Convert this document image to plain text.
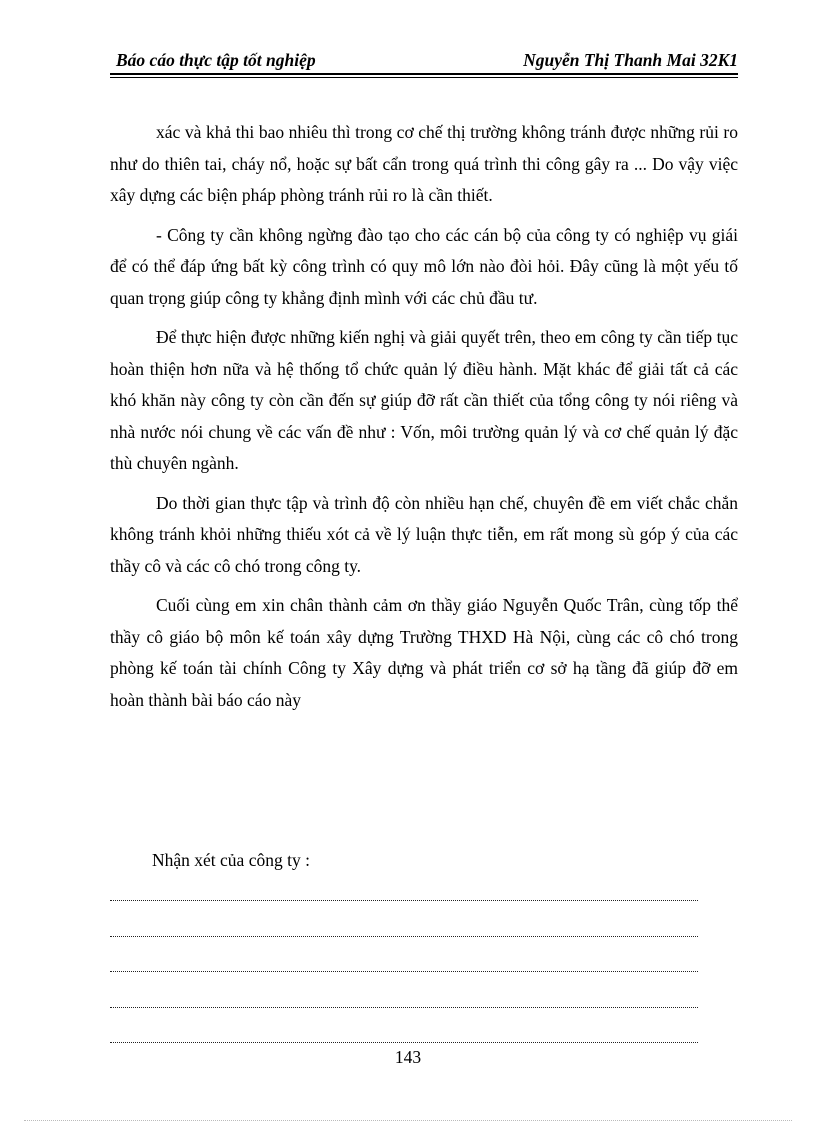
Báo cáo thực tập tốt nghiệp	Nguyễn Thị Thanh Mai 32K1

xác và khả thi bao nhiêu thì trong cơ chế thị trường không tránh được những rủi ro như do thiên tai, cháy nổ, hoặc sự bất cẩn trong quá trình thi công gây ra ... Do vậy việc xây dựng các biện pháp phòng tránh rủi ro là cần thiết.

- Công ty cần không ngừng đào tạo cho các cán bộ của công ty có nghiệp vụ giái để có thể đáp ứng bất kỳ công trình có quy mô lớn nào đòi hỏi. Đây cũng là một yếu tố quan trọng giúp công ty khẳng định mình với các chủ đầu tư.

Để thực hiện được những kiến nghị và giải quyết trên, theo em công ty cần tiếp tục hoàn thiện hơn nữa và hệ thống tổ chức quản lý điều hành. Mặt khác để giải tất cả các khó khăn này công ty còn cần đến sự giúp đỡ rất cần thiết của tổng công ty nói riêng và nhà nước nói chung về các vấn đề như : Vốn, môi trường quản lý và cơ chế quản lý đặc thù chuyên ngành.

Do thời gian thực tập và trình độ còn nhiều hạn chế, chuyên đề em viết chắc chắn không tránh khỏi những thiếu xót cả về lý luận thực tiễn, em rất mong sù góp ý của các thầy cô và các cô chó trong công ty.

Cuối cùng em xin chân thành cảm ơn thầy giáo Nguyễn Quốc Trân, cùng tốp thể thầy cô giáo bộ môn kế toán xây dựng Trường THXD Hà Nội, cùng các cô chó trong phòng kế toán tài chính Công ty Xây dựng và phát triển cơ sở hạ tầng đã giúp đỡ em hoàn thành bài báo cáo này

Nhận xét của công ty :
143
